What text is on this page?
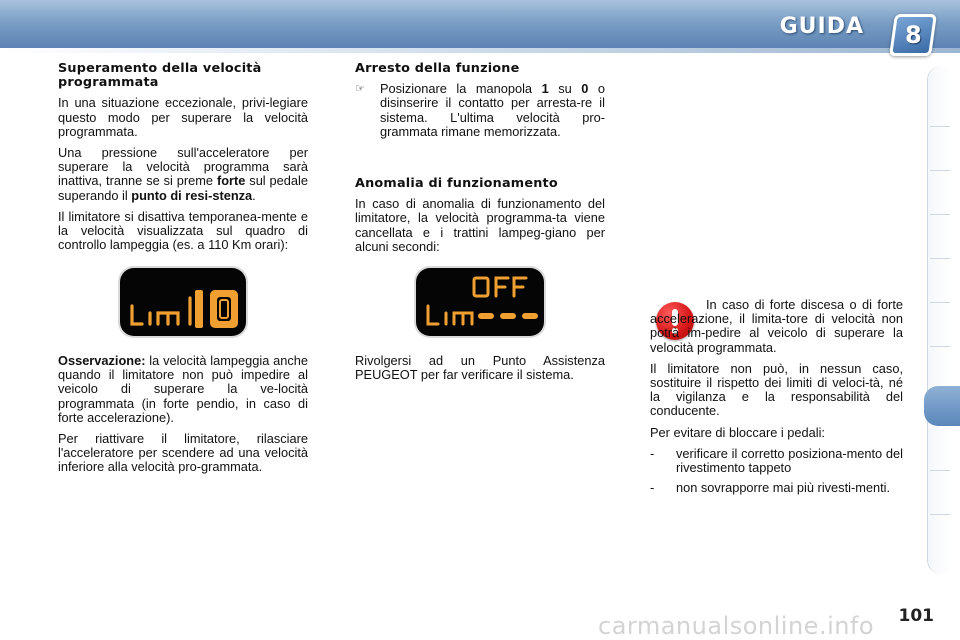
GUIDA 8
Superamento della velocità programmata

In una situazione eccezionale, privi-legiare questo modo per superare la velocità programmata.

Una pressione sull'acceleratore per superare la velocità programma sarà inattiva, tranne se si preme forte sul pedale superando il punto di resi-stenza.

Il limitatore si disattiva temporanea-mente e la velocità visualizzata sul quadro di controllo lampeggia (es. a 110 Km orari):

Osservazione: la velocità lampeggia anche quando il limitatore non può impedire al veicolo di superare la ve-locità programmata (in forte pendio, in caso di forte accelerazione).

Per riattivare il limitatore, rilasciare l'acceleratore per scendere ad una velocità inferiore alla velocità pro-grammata.

Arresto della funzione
☞	Posizionare la manopola 1 su 0 o disinserire il contatto per arresta-re il sistema. L'ultima velocità pro-grammata rimane memorizzata.
Anomalia di funzionamento

In caso di anomalia di funzionamento del limitatore, la velocità programma-ta viene cancellata e i trattini lampeg-giano per alcuni secondi:

Rivolgersi ad un Punto Assistenza PEUGEOT per far verificare il sistema.

In caso di forte discesa o di forte accelerazione, il limita-tore di velocità non potrà im-pedire al veicolo di superare la velocità programmata.

Il limitatore non può, in nessun caso, sostituire il rispetto dei limiti di veloci-tà, né la vigilanza e la responsabilità del conducente.

Per evitare di bloccare i pedali:

-	verificare il corretto posiziona-mento del rivestimento tappeto
-	non sovrapporre mai più rivesti-menti.
carmanualsonline.info 101
